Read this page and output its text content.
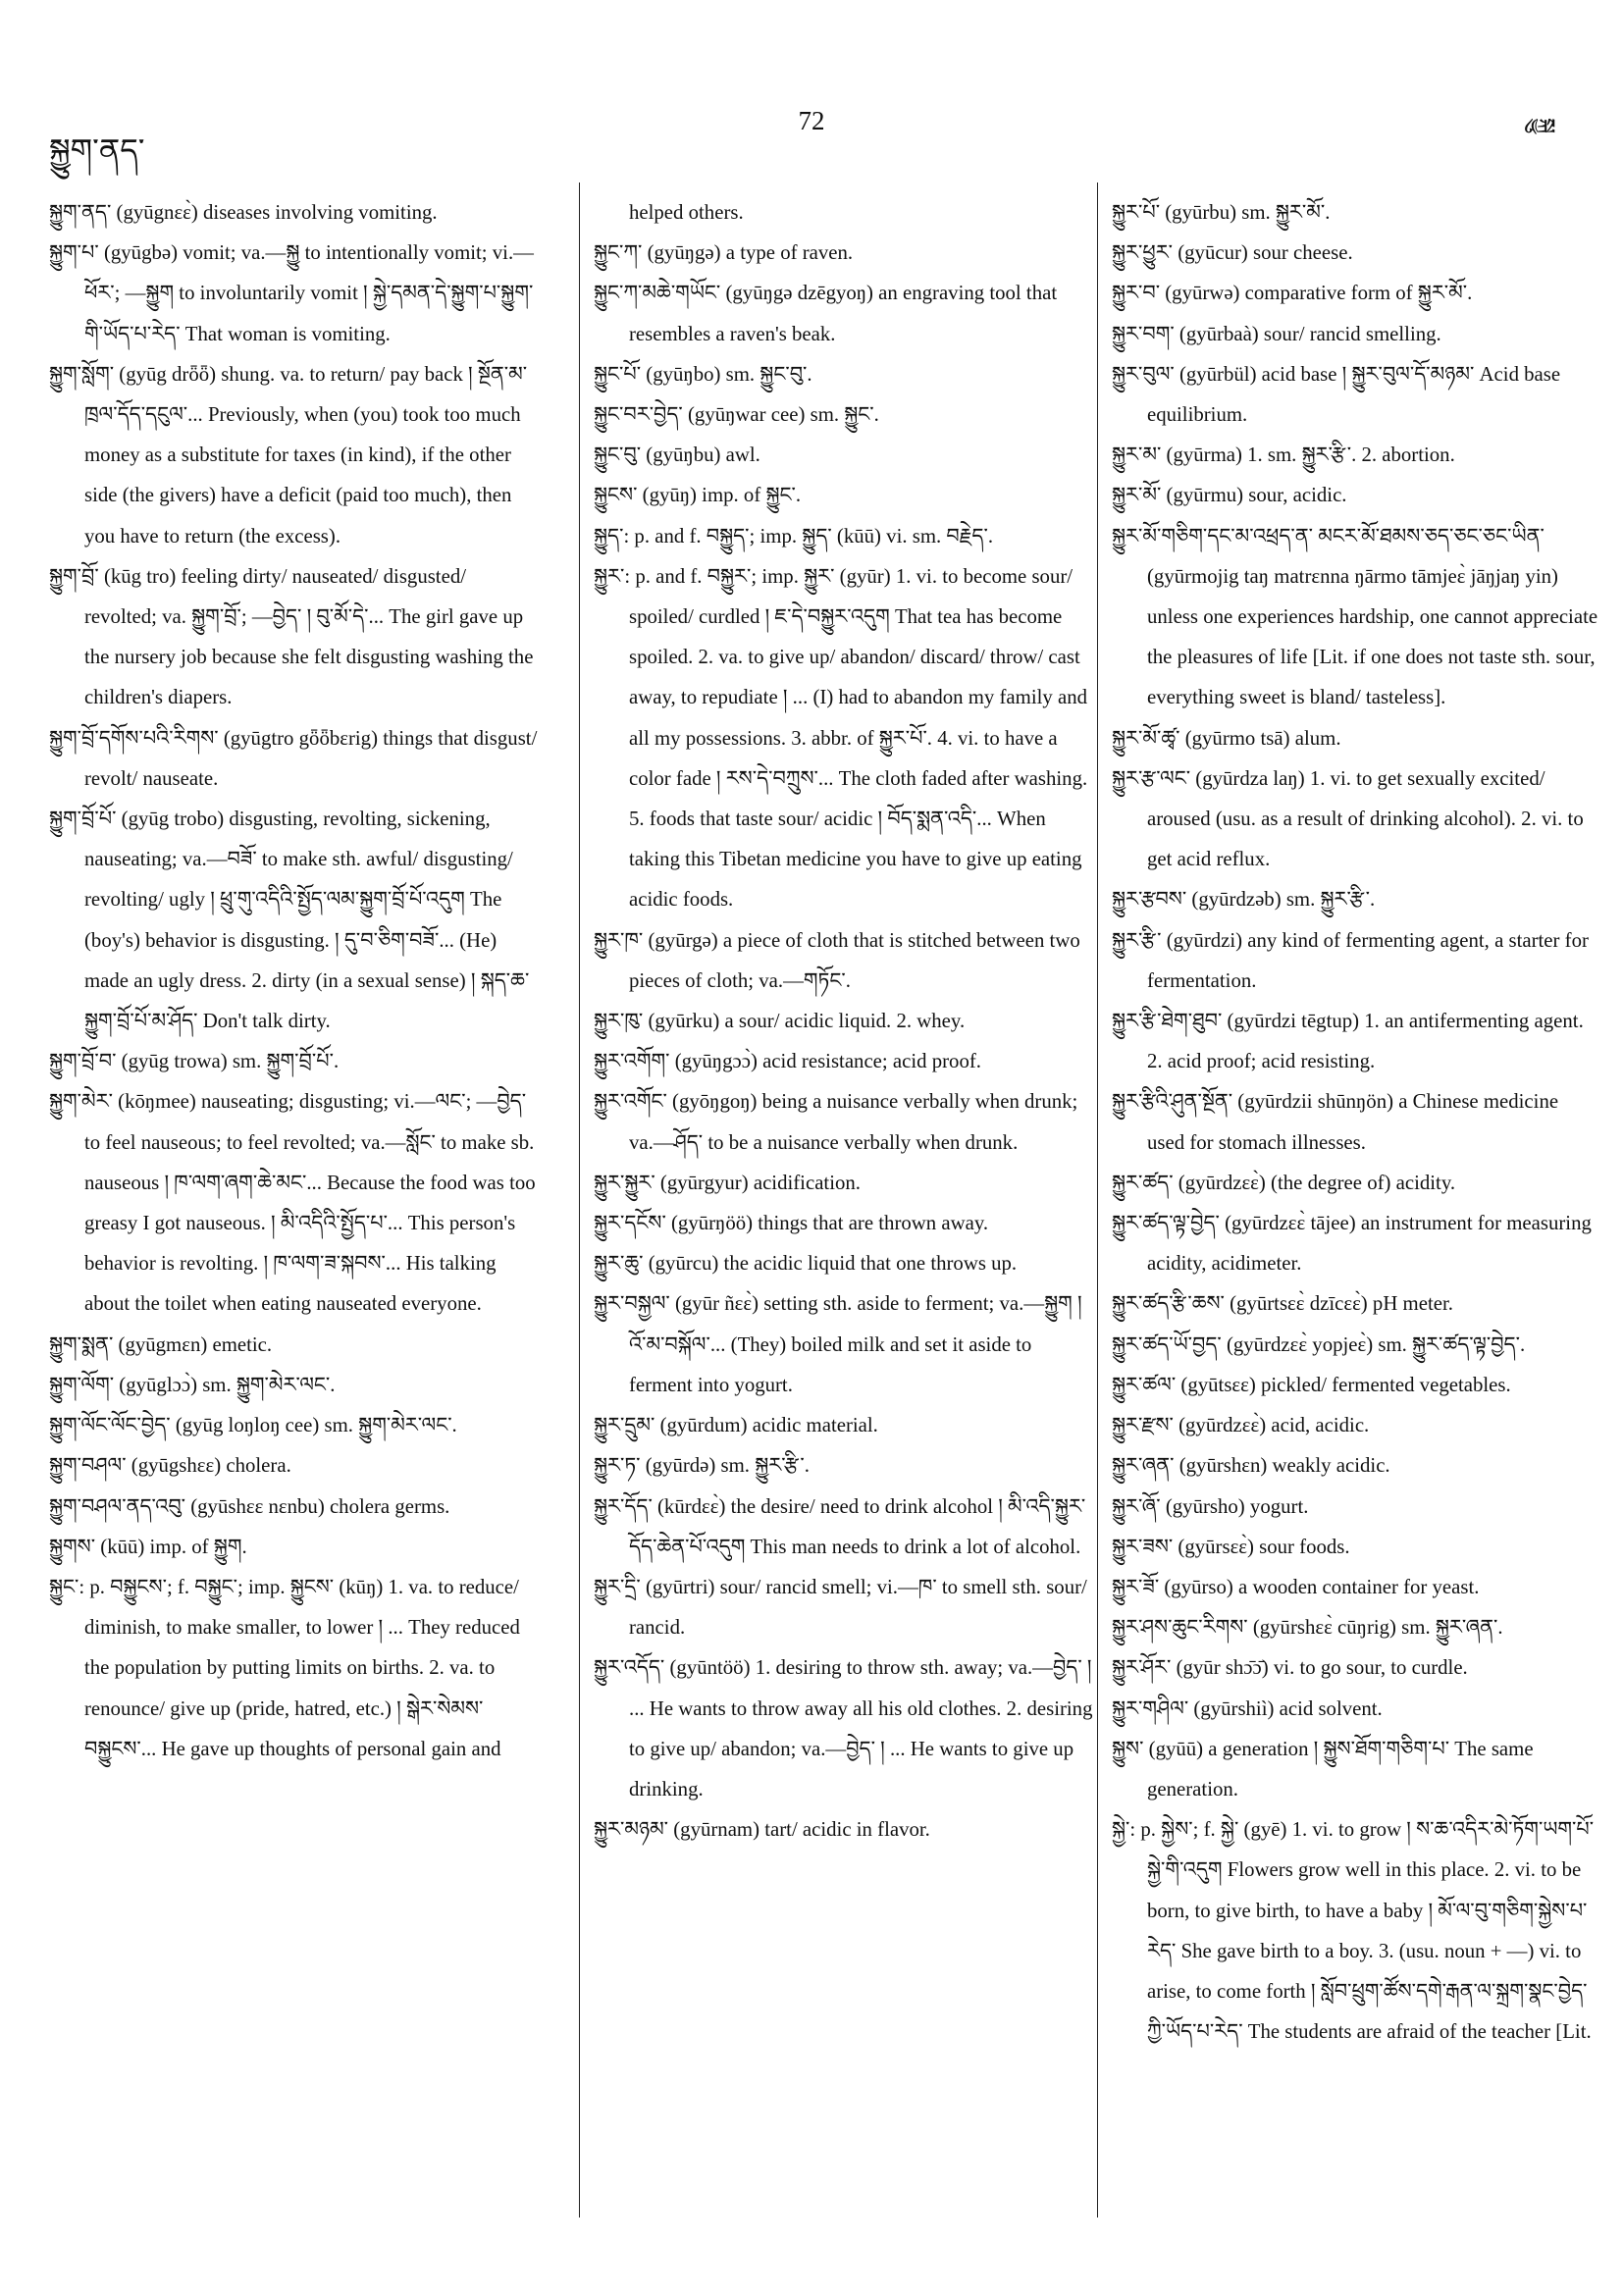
སྐྱུག་ནད་
72	སྐྱུ

སྐྱུག་ནད་ (gyūgnɛɛ̀) diseases involving vomiting.

སྐྱུག་པ་ (gyūgbə) vomit; va.—སྐྱུ to intentionally vomit; vi.—ཕོར་; —སྐྱུག to involuntarily vomit ། སྐྱེ་དམན་དེ་སྐྱུག་པ་སྐྱུག་གི་ཡོད་པ་རེད་ That woman is vomiting.

སྐྱུག་སློག་ (gyūg drȫȫ) shung. va. to return/ pay back ། སྔོན་མ་ཁྲལ་དོད་དངུལ་... Previously, when (you) took too much money as a substitute for taxes (in kind), if the other side (the givers) have a deficit (paid too much), then you have to return (the excess).

སྐྱུག་བྲོ་ (kūg tro) feeling dirty/ nauseated/ disgusted/ revolted; va. སྐྱུག་བྲོ་; —བྱེད་ ། བུ་མོ་དེ་... The girl gave up the nursery job because she felt disgusting washing the children's diapers.

སྐྱུག་བྲོ་དགོས་པའི་རིགས་ (gyūgtro gȫȫbɛrig) things that disgust/ revolt/ nauseate.

སྐྱུག་བྲོ་པོ་ (gyūg trobo) disgusting, revolting, sickening, nauseating; va.—བཟོ་ to make sth. awful/ disgusting/ revolting/ ugly ། ཕྲུ་གུ་འདིའི་སྤྱོད་ལམ་སྐྱུག་བྲོ་པོ་འདུག The (boy's) behavior is disgusting. ། དུ་བ་ཅིག་བཟོ་... (He) made an ugly dress. 2. dirty (in a sexual sense) ། སྐད་ཆ་སྐྱུག་བྲོ་པོ་མ་ཤོད་ Don't talk dirty.

སྐྱུག་བྲོ་བ་ (gyūg trowa) sm. སྐྱུག་བྲོ་པོ་.

སྐྱུག་མེར་ (kōŋmee) nauseating; disgusting; vi.—ལང་; —བྱེད་ to feel nauseous; to feel revolted; va.—སློང་ to make sb. nauseous ། ཁ་ལག་ཞག་ཆེ་མང་... Because the food was too greasy I got nauseous. ། མི་འདིའི་སྤྱོད་པ་... This person's behavior is revolting. ། ཁ་ལག་ཟ་སྐབས་... His talking about the toilet when eating nauseated everyone.

སྐྱུག་སྨན་ (gyūgmɛn) emetic.

སྐྱུག་ལོག་ (gyūglɔɔ̀) sm. སྐྱུག་མེར་ལང་.

སྐྱུག་ལོང་ལོང་བྱེད་ (gyūg loŋloŋ cee) sm. སྐྱུག་མེར་ལང་.

སྐྱུག་བཤལ་ (gyūgshɛɛ) cholera.

སྐྱུག་བཤལ་ནད་འབུ་ (gyūshɛɛ nɛnbu) cholera germs.

སྐྱུགས་ (kūū) imp. of སྐྱུག.

སྐྱུང་: p. བསྐྱུངས་; f. བསྐྱུང་; imp. སྐྱུངས་ (kūŋ) 1. va. to reduce/ diminish, to make smaller, to lower ། ... They reduced the population by putting limits on births. 2. va. to renounce/ give up (pride, hatred, etc.) ། སྒེར་སེམས་བསྐྱུངས་... He gave up thoughts of personal gain and

helped others.

སྐྱུང་ཀ་ (gyūŋgə) a type of raven.

སྐྱུང་ཀ་མཆེ་གཡོང་ (gyūŋgə dzēgyoŋ) an engraving tool that resembles a raven's beak.

སྐྱུང་པོ་ (gyūŋbo) sm. སྐྱུང་བུ་.

སྐྱུང་བར་བྱེད་ (gyūŋwar cee) sm. སྐྱུང་.

སྐྱུང་བུ་ (gyūŋbu) awl.

སྐྱུངས་ (gyūŋ) imp. of སྐྱུང་.

སྐྱུད་: p. and f. བསྐྱུད་; imp. སྐྱུད་ (kūū) vi. sm. བརྗེད་.

སྐྱུར་: p. and f. བསྐྱུར་; imp. སྐྱུར་ (gyūr) 1. vi. to become sour/ spoiled/ curdled ། ཇ་དེ་བསྐྱུར་འདུག That tea has become spoiled. 2. va. to give up/ abandon/ discard/ throw/ cast away, to repudiate ། ... (I) had to abandon my family and all my possessions. 3. abbr. of སྐྱུར་པོ་. 4. vi. to have a color fade ། རས་དེ་བཀྲུས་... The cloth faded after washing. 5. foods that taste sour/ acidic ། བོད་སྨན་འདི་... When taking this Tibetan medicine you have to give up eating acidic foods.

སྐྱུར་ཁ་ (gyūrgə) a piece of cloth that is stitched between two pieces of cloth; va.—གཏོང་.

སྐྱུར་ཁུ་ (gyūrku) a sour/ acidic liquid. 2. whey.

སྐྱུར་འགོག་ (gyūŋgɔɔ̀) acid resistance; acid proof.

སྐྱུར་འགོང་ (gyōŋgoŋ) being a nuisance verbally when drunk; va.—ཤོད་ to be a nuisance verbally when drunk.

སྐྱུར་སྐྱུར་ (gyūrgyur) acidification.

སྐྱུར་དངོས་ (gyūrŋöö) things that are thrown away.

སྐྱུར་ཆུ་ (gyūrcu) the acidic liquid that one throws up.

སྐྱུར་བསྐྱལ་ (gyūr ñɛɛ̀) setting sth. aside to ferment; va.—སྐྱུག ། འོ་མ་བསྐོལ་... (They) boiled milk and set it aside to ferment into yogurt.

སྐྱུར་དྲུམ་ (gyūrdum) acidic material.

སྐྱུར་ཏ་ (gyūrdə) sm. སྐྱུར་རྩི་.

སྐྱུར་དོད་ (kūrdɛɛ̀) the desire/ need to drink alcohol ། མི་འདི་སྐྱུར་དོད་ཆེན་པོ་འདུག This man needs to drink a lot of alcohol.

སྐྱུར་དྲི་ (gyūrtri) sour/ rancid smell; vi.—ཁ་ to smell sth. sour/ rancid.

སྐྱུར་འདོད་ (gyūntöö) 1. desiring to throw sth. away; va.—བྱེད་ ། ... He wants to throw away all his old clothes. 2. desiring to give up/ abandon; va.—བྱེད་ ། ... He wants to give up drinking.

སྐྱུར་མཉམ་ (gyūrnam) tart/ acidic in flavor.

སྐྱུར་པོ་ (gyūrbu) sm. སྐྱུར་མོ་.

སྐྱུར་ཕྱུར་ (gyūcur) sour cheese.

སྐྱུར་བ་ (gyūrwə) comparative form of སྐྱུར་མོ་.

སྐྱུར་བག་ (gyūrbaà) sour/ rancid smelling.

སྐྱུར་བུལ་ (gyūrbül) acid base ། སྐྱུར་བུལ་དོ་མཉམ་ Acid base equilibrium.

སྐྱུར་མ་ (gyūrma) 1. sm. སྐྱུར་རྩི་. 2. abortion.

སྐྱུར་མོ་ (gyūrmu) sour, acidic.

སྐྱུར་མོ་གཅིག་དང་མ་འཕྲད་ན་ མངར་མོ་ཐམས་ཅད་ཅང་ཅང་ཡིན་ (gyūrmojig taŋ matrɛnna ŋārmo tāmjeɛ̀ jāŋjaŋ yin) unless one experiences hardship, one cannot appreciate the pleasures of life [Lit. if one does not taste sth. sour, everything sweet is bland/ tasteless].

སྐྱུར་མོ་ཚྭ་ (gyūrmo tsā) alum.

སྐྱུར་རྩ་ལང་ (gyūrdza laŋ) 1. vi. to get sexually excited/ aroused (usu. as a result of drinking alcohol). 2. vi. to get acid reflux.

སྐྱུར་རྩབས་ (gyūrdzəb) sm. སྐྱུར་རྩི་.

སྐྱུར་རྩི་ (gyūrdzi) any kind of fermenting agent, a starter for fermentation.

སྐྱུར་རྩི་ཐེག་ཐུབ་ (gyūrdzi tēgtup) 1. an antifermenting agent. 2. acid proof; acid resisting.

སྐྱུར་རྩིའི་ཤུན་སྔོན་ (gyūrdzii shūnŋön) a Chinese medicine used for stomach illnesses.

སྐྱུར་ཚད་ (gyūrdzɛɛ̀) (the degree of) acidity.

སྐྱུར་ཚད་ལྟ་བྱེད་ (gyūrdzɛɛ̀ tājee) an instrument for measuring acidity, acidimeter.

སྐྱུར་ཚད་རྩི་ཆས་ (gyūrtsɛɛ̀ dzīcɛɛ̀) pH meter.

སྐྱུར་ཚད་ཡོ་བྱད་ (gyūrdzɛɛ̀ yopjeɛ̀) sm. སྐྱུར་ཚད་ལྟ་བྱེད་.

སྐྱུར་ཚལ་ (gyūtsɛɛ) pickled/ fermented vegetables.

སྐྱུར་རྫས་ (gyūrdzɛɛ̀) acid, acidic.

སྐྱུར་ཞན་ (gyūrshɛn) weakly acidic.

སྐྱུར་ཞོ་ (gyūrsho) yogurt.

སྐྱུར་ཟས་ (gyūrsɛɛ̀) sour foods.

སྐྱུར་ཟོ་ (gyūrso) a wooden container for yeast.

སྐྱུར་ཤས་ཆུང་རིགས་ (gyūrshɛɛ̀ cūŋrig) sm. སྐྱུར་ཞན་.

སྐྱུར་ཤོར་ (gyūr shɔ̄ɔ̄) vi. to go sour, to curdle.

སྐྱུར་གཤིལ་ (gyūrshiì) acid solvent.

སྐྱུས་ (gyūū) a generation ། སྐྱུས་ཐོག་གཅིག་པ་ The same generation.

སྐྱེ་: p. སྐྱེས་; f. སྐྱེ་ (gyē) 1. vi. to grow ། ས་ཆ་འདིར་མེ་ཏོག་ཡག་པོ་སྐྱེ་གི་འདུག Flowers grow well in this place. 2. vi. to be born, to give birth, to have a baby ། མོ་ལ་བུ་གཅིག་སྐྱེས་པ་རེད་ She gave birth to a boy. 3. (usu. noun + —) vi. to arise, to come forth ། སློབ་ཕྲུག་ཚོས་དགེ་རྒན་ལ་སྐྲག་སྣང་བྱེད་ཀྱི་ཡོད་པ་རེད་ The students are afraid of the teacher [Lit.
